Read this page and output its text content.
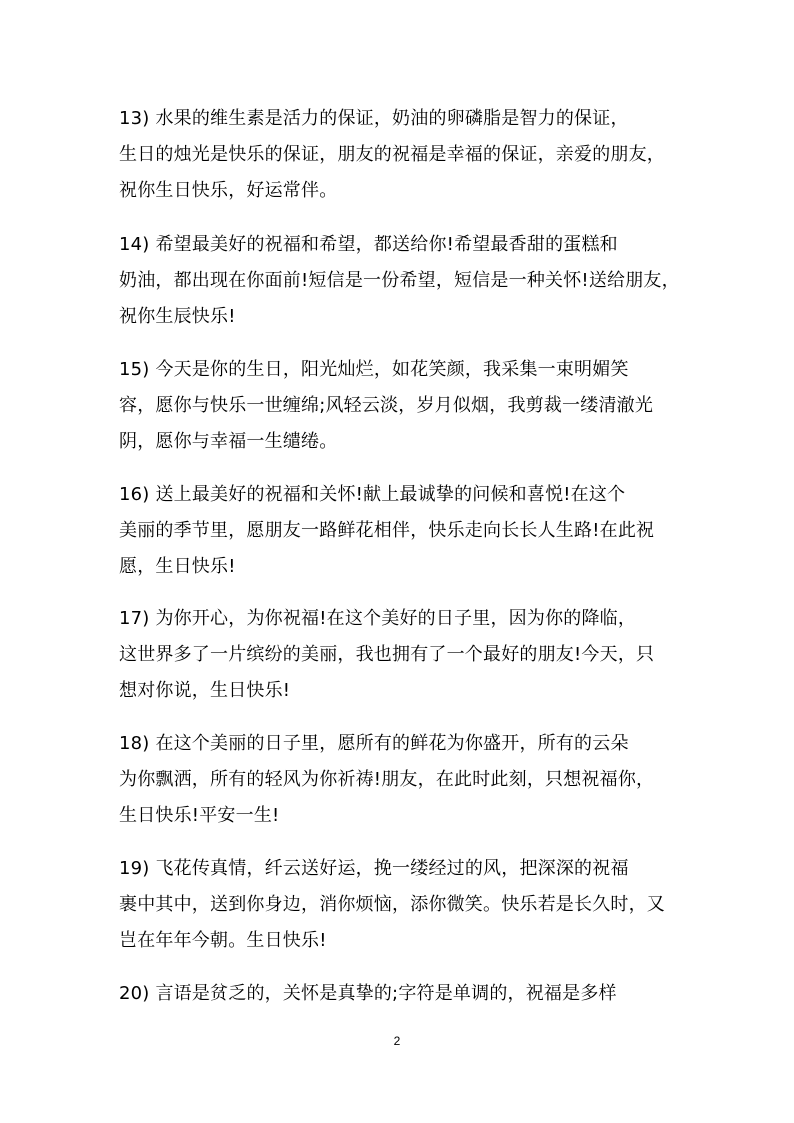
13) 水果的维生素是活力的保证，奶油的卵磷脂是智力的保证，
生日的烛光是快乐的保证，朋友的祝福是幸福的保证，亲爱的朋友，
祝你生日快乐，好运常伴。
14) 希望最美好的祝福和希望，都送给你!希望最香甜的蛋糕和
奶油，都出现在你面前!短信是一份希望，短信是一种关怀!送给朋友，
祝你生辰快乐!
15) 今天是你的生日，阳光灿烂，如花笑颜，我采集一束明媚笑
容，愿你与快乐一世缠绵;风轻云淡，岁月似烟，我剪裁一缕清澈光
阴，愿你与幸福一生缱绻。
16) 送上最美好的祝福和关怀!献上最诚挚的问候和喜悦!在这个
美丽的季节里，愿朋友一路鲜花相伴，快乐走向长长人生路!在此祝
愿，生日快乐!
17) 为你开心，为你祝福!在这个美好的日子里，因为你的降临，
这世界多了一片缤纷的美丽，我也拥有了一个最好的朋友!今天，只
想对你说，生日快乐!
18) 在这个美丽的日子里，愿所有的鲜花为你盛开，所有的云朵
为你飘洒，所有的轻风为你祈祷!朋友，在此时此刻，只想祝福你，
生日快乐!平安一生!
19) 飞花传真情，纤云送好运，挽一缕经过的风，把深深的祝福
裹中其中，送到你身边，消你烦恼，添你微笑。快乐若是长久时，又
岂在年年今朝。生日快乐!
20) 言语是贫乏的，关怀是真挚的;字符是单调的，祝福是多样
2
